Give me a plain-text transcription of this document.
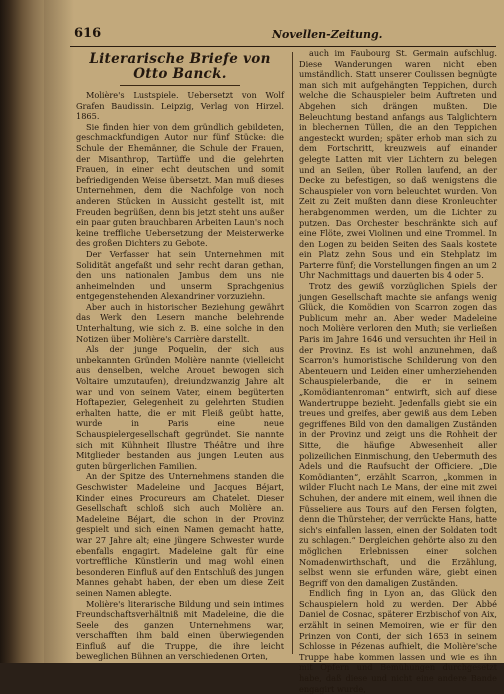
616	Novellen-Zeitung.
Literarische Briefe von Otto Banck.

Molière's Lustspiele. Uebersetzt von Wolf Grafen Baudissin. Leipzig, Verlag von Hirzel. 1865.

Sie finden hier von dem gründlich gebildeten, geschmackfundigen Autor nur fünf Stücke: die Schule der Ehemänner, die Schule der Frauen, der Misanthrop, Tartüffe und die gelehrten Frauen, in einer echt deutschen und somit befriedigenden Weise übersetzt. Man muß dieses Unternehmen, dem die Nachfolge von noch anderen Stücken in Aussicht gestellt ist, mit Freuden begrüßen, denn bis jetzt steht uns außer ein paar guten brauchbaren Arbeiten Laun's noch keine treffliche Uebersetzung der Meisterwerke des großen Dichters zu Gebote.

Der Verfasser hat sein Unternehmen mit Solidität angefaßt und sehr recht daran gethan, den uns nationalen Jambus dem uns nie anheimelnden und unserm Sprachgenius entgegenstehenden Alexandriner vorzuziehn.

Aber auch in historischer Beziehung gewährt das Werk den Lesern manche belehrende Unterhaltung, wie sich z. B. eine solche in den Notizen über Molière's Carrière darstellt.

Als der junge Poquelin, der sich aus unbekannten Gründen Molière nannte (vielleicht aus denselben, welche Arouet bewogen sich Voltaire umzutaufen), dreiundzwanzig Jahre alt war und von seinem Vater, einem begüterten Hoftapezier, Gelegenheit zu gelehrten Studien erhalten hatte, die er mit Fleiß geübt hatte, wurde in Paris eine neue Schauspielergesellschaft gegründet. Sie nannte sich mit Kühnheit Illustre Théâtre und ihre Mitglieder bestanden aus jungen Leuten aus guten bürgerlichen Familien.

An der Spitze des Unternehmens standen die Geschwister Madeleine und Jacques Béjart, Kinder eines Procureurs am Chatelet. Dieser Gesellschaft schloß sich auch Molière an. Madeleine Béjart, die schon in der Provinz gespielt und sich einen Namen gemacht hatte, war 27 Jahre alt; eine jüngere Schwester wurde ebenfalls engagirt. Madeleine galt für eine vortreffliche Künstlerin und mag wohl einen besonderen Einfluß auf den Entschluß des jungen Mannes gehabt haben, der eben um diese Zeit seinen Namen ablegte.

Molière's literarische Bildung und sein intimes Freundschaftsverhältniß mit Madeleine, die die Seele des ganzen Unternehmens war, verschafften ihm bald einen überwiegenden Einfluß auf die Truppe, die ihre leicht beweglichen Bühnen an verschiedenen Orten,

auch im Faubourg St. Germain aufschlug. Diese Wanderungen waren nicht eben umständlich. Statt unserer Coulissen begnügte man sich mit aufgehängten Teppichen, durch welche die Schauspieler beim Auftreten und Abgehen sich drängen mußten. Die Beleuchtung bestand anfangs aus Talglichtern in blechernen Tüllen, die an den Teppichen angesteckt wurden; später erhob man sich zu dem Fortschritt, kreuzweis auf einander gelegte Latten mit vier Lichtern zu belegen und an Seilen, über Rollen laufend, an der Decke zu befestigen, so daß wenigstens die Schauspieler von vorn beleuchtet wurden. Von Zeit zu Zeit mußten dann diese Kronleuchter herabgenommen werden, um die Lichter zu putzen. Das Orchester beschränkte sich auf eine Flöte, zwei Violinen und eine Trommel. In den Logen zu beiden Seiten des Saals kostete ein Platz zehn Sous und ein Stehplatz im Parterre fünf; die Vorstellungen fingen an um 2 Uhr Nachmittags und dauerten bis 4 oder 5.

Trotz des gewiß vorzüglichen Spiels der jungen Gesellschaft machte sie anfangs wenig Glück, die Komödien von Scarron zogen das Publicum mehr an. Aber weder Madeleine noch Molière verloren den Muth; sie verließen Paris im Jahre 1646 und versuchten ihr Heil in der Provinz. Es ist wohl anzunehmen, daß Scarron's humoristische Schilderung von den Abenteuern und Leiden einer umherziehenden Schauspielerbande, die er in seinem „Komödiantenroman“ entwirft, sich auf diese Wandertruppe bezieht. Jedenfalls giebt sie ein treues und greifes, aber gewiß aus dem Leben gegriffenes Bild von den damaligen Zuständen in der Provinz und zeigt uns die Rohheit der Sitte, die häufige Abwesenheit aller polizeilichen Einmischung, den Uebermuth des Adels und die Raufsucht der Officiere. „Die Komödianten“, erzählt Scarron, „kommen in wilder Flucht nach Le Mans, der eine mit zwei Schuhen, der andere mit einem, weil ihnen die Füsseliere aus Tours auf den Fersen folgten, denn die Thürsteher, der verrückte Hans, hatte sich's einfallen lassen, einen der Soldaten todt zu schlagen.“ Dergleichen gehörte also zu den möglichen Erlebnissen einer solchen Nomadenwirthschaft, und die Erzählung, selbst wenn sie erfunden wäre, giebt einen Begriff von den damaligen Zuständen.

Endlich fing in Lyon an, das Glück den Schauspielern hold zu werden. Der Abbé Daniel de Cosnac, späterer Erzbischof von Aix, erzählt in seinen Memoiren, wie er für den Prinzen von Conti, der sich 1653 in seinem Schlosse in Pézenas aufhielt, die Molière'sche Truppe habe kommen lassen und wie es ihn mit Opfern und Bemühungen durchgesetzt habe, daß diese und nicht eine andere Bande engagirt wurde,
